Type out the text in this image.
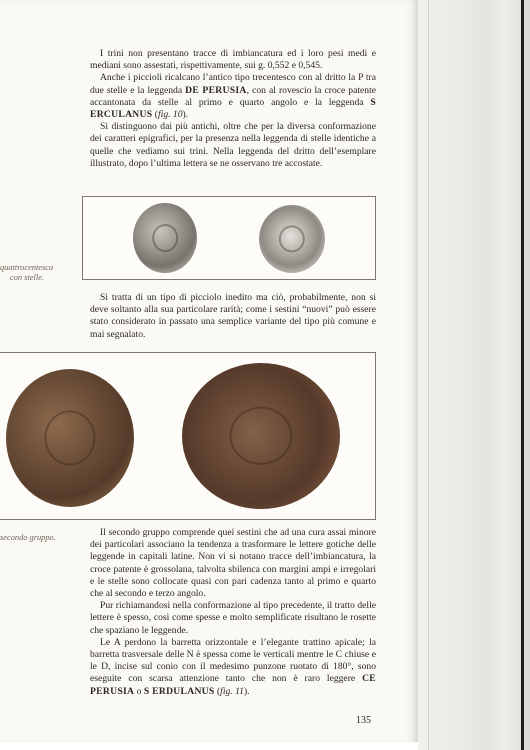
I trini non presentano tracce di imbiancatura ed i loro pesi medi e mediani sono assestati, rispettivamente, sui g. 0,552 e 0,545.

Anche i piccioli ricalcano l’antico tipo trecentesco con al dritto la P tra due stelle e la leggenda DE PERUSIA, con al rovescio la croce patente accantonata da stelle al primo e quarto angolo e la leggenda S ERCULANUS (fig. 10).

Si distinguono dai più antichi, oltre che per la diversa conformazione dei caratteri epigrafici, per la presenza nella leggenda di stelle identiche a quelle che vediamo sui trini. Nella leggenda del dritto dell’esemplare illustrato, dopo l’ultima lettera se ne osservano tre accostate.

quattrocentesca
con stelle.

Si tratta di un tipo di picciolo inedito ma ciò, probabilmente, non si deve soltanto alla sua particolare rarità; come i sestini “nuovi” può essere stato considerato in passato una semplice variante del tipo più comune e mai segnalato.

secondo gruppo.	Il secondo gruppo comprende quei sestini che ad una cura assai minore dei particolari associano la tendenza a trasformare le lettere gotiche delle leggende in capitali latine. Non vi si notano tracce dell’imbiancatura, la croce patente è grossolana, talvolta sbilenca con margini ampi e irregolari e le stelle sono collocate quasi con pari cadenza tanto al primo e quarto che al secondo e terzo angolo.

Pur richiamandosi nella conformazione al tipo precedente, il tratto delle lettere è spesso, così come spesse e molto semplificate risultano le rosette che spaziano le leggende.

Le A perdono la barretta orizzontale e l’elegante trattino apicale; la barretta trasversale delle N è spessa come le verticali mentre le C chiuse e le D, incise sul conio con il medesimo punzone ruotato di 180°, sono eseguite con scarsa attenzione tanto che non è raro leggere CE PERUSIA o S ERDULANUS (fig. 11).

135
